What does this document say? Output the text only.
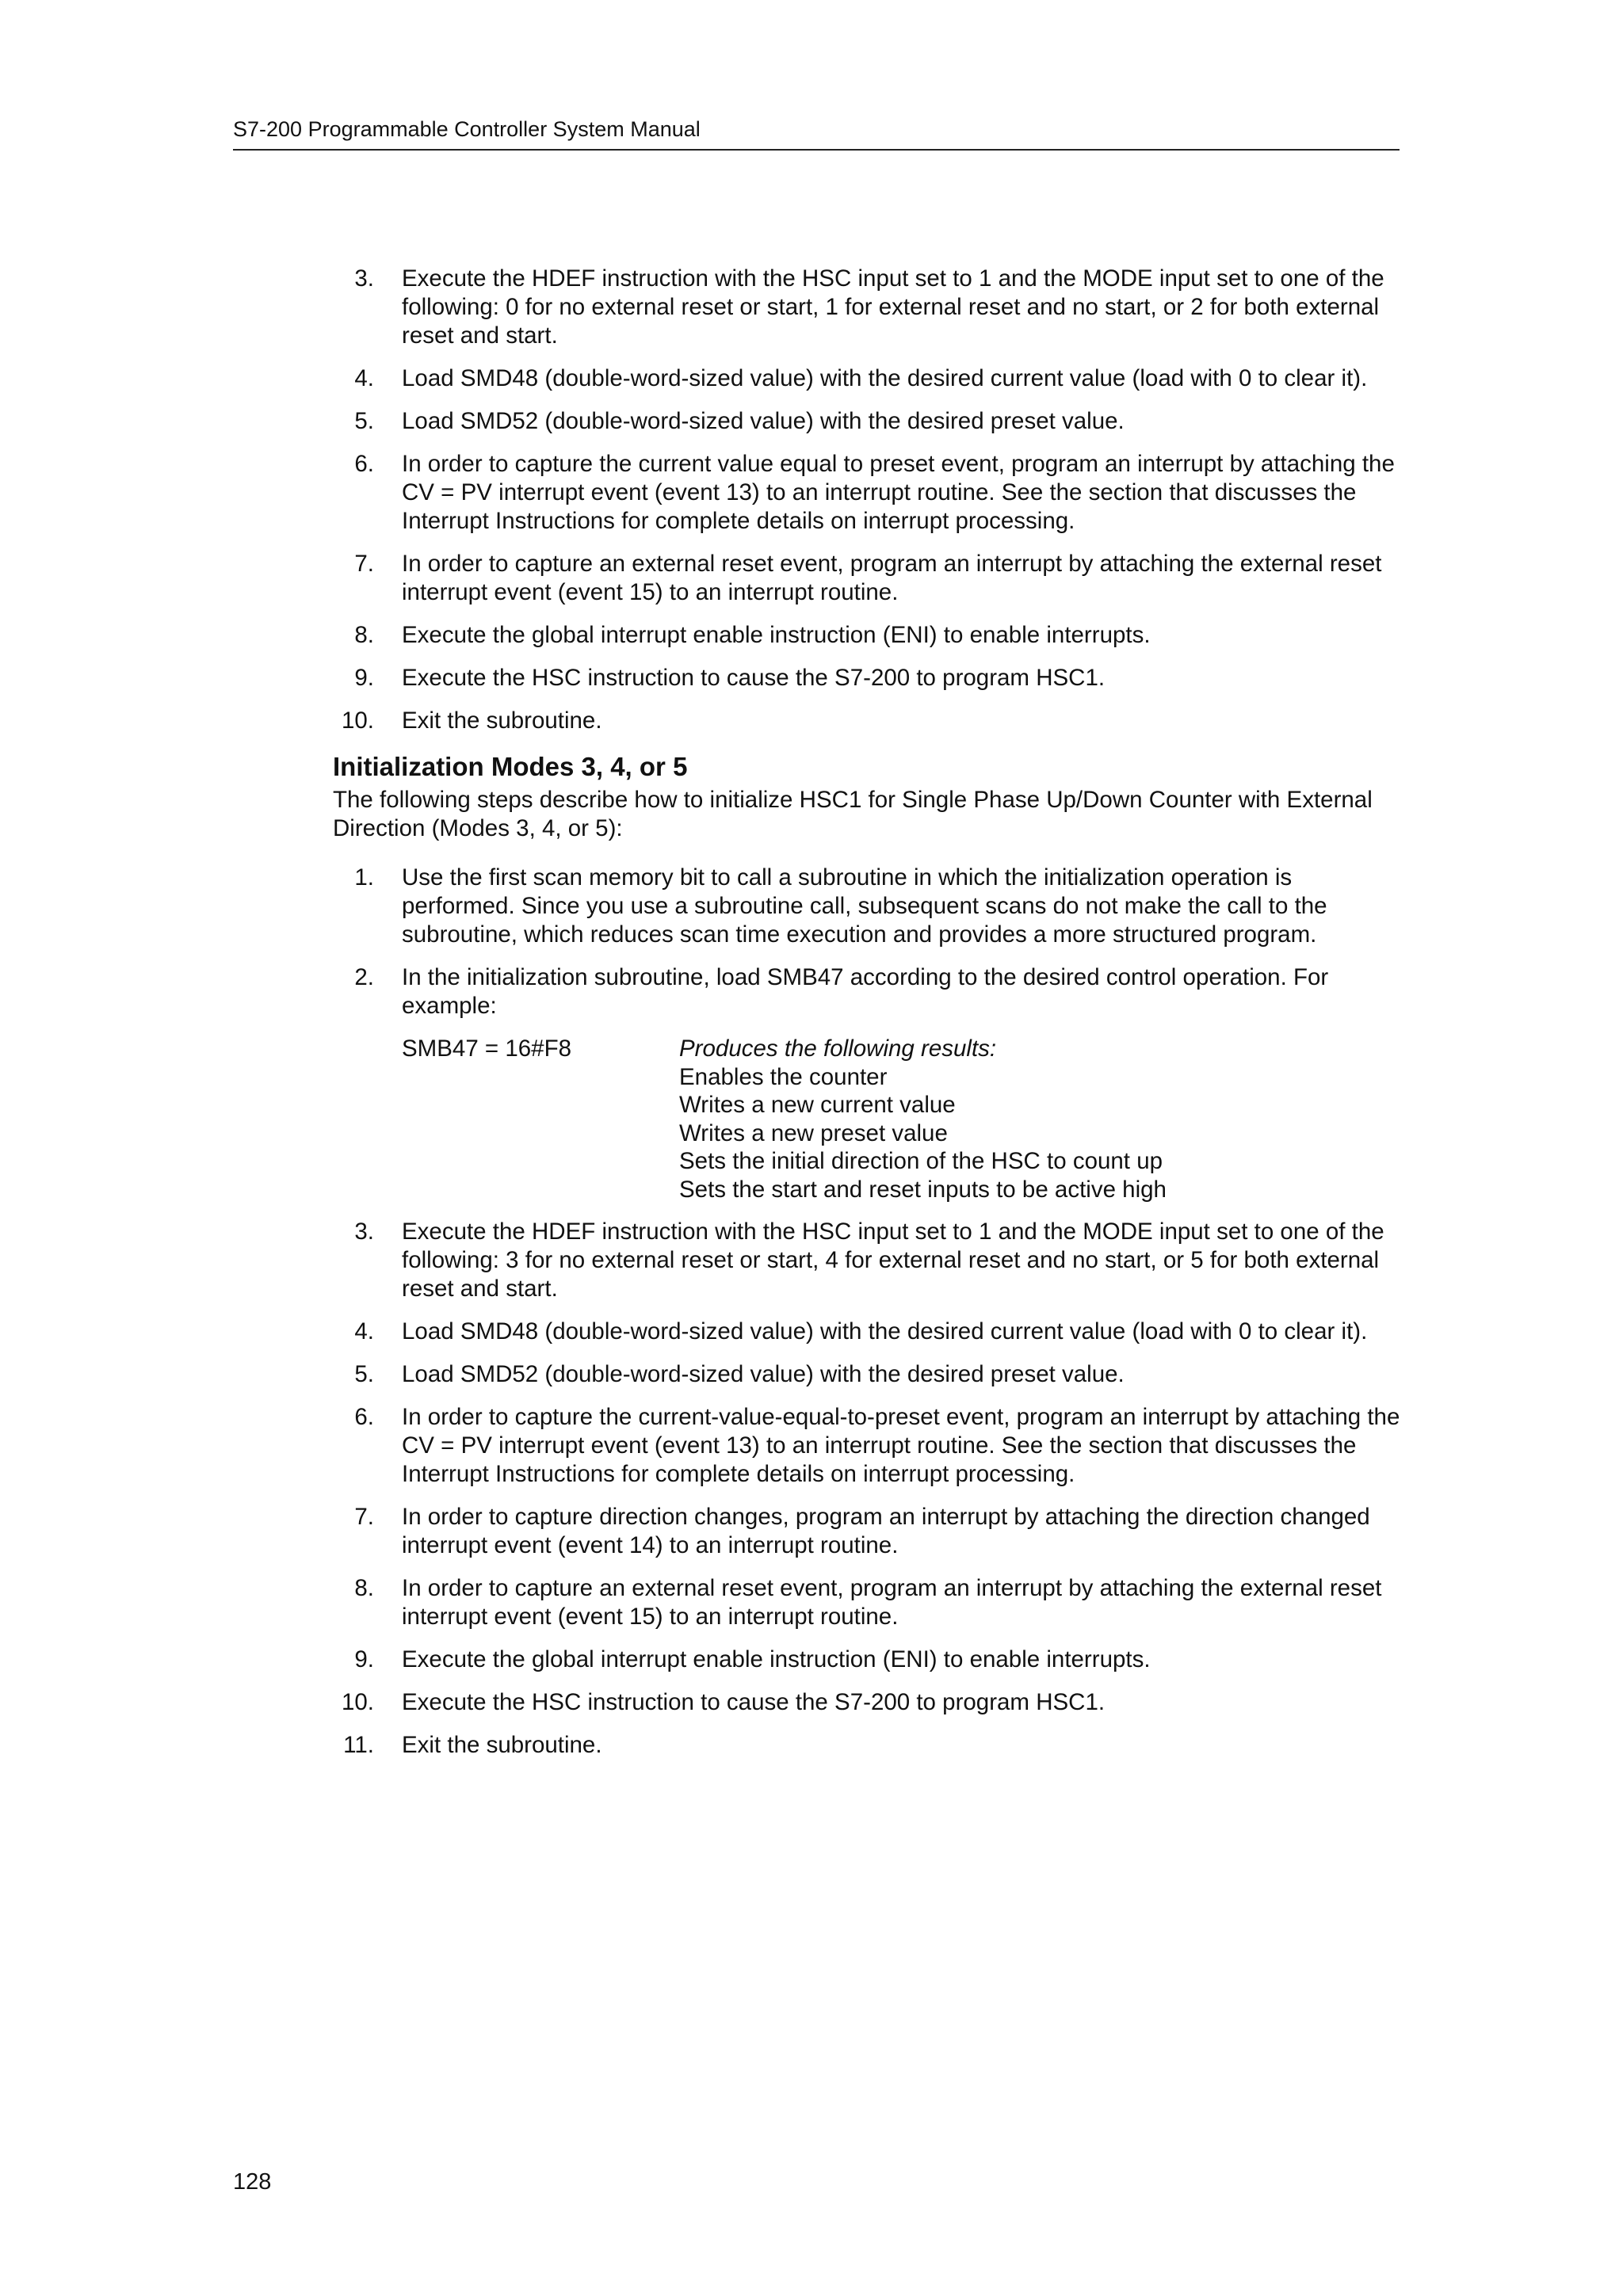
S7-200 Programmable Controller System Manual
3. Execute the HDEF instruction with the HSC input set to 1 and the MODE input set to one of the following: 0 for no external reset or start, 1 for external reset and no start, or 2 for both external reset and start.
4. Load SMD48 (double-word-sized value) with the desired current value (load with 0 to clear it).
5. Load SMD52 (double-word-sized value) with the desired preset value.
6. In order to capture the current value equal to preset event, program an interrupt by attaching the CV = PV interrupt event (event 13) to an interrupt routine. See the section that discusses the Interrupt Instructions for complete details on interrupt processing.
7. In order to capture an external reset event, program an interrupt by attaching the external reset interrupt event (event 15) to an interrupt routine.
8. Execute the global interrupt enable instruction (ENI) to enable interrupts.
9. Execute the HSC instruction to cause the S7-200 to program HSC1.
10. Exit the subroutine.
Initialization Modes 3, 4, or 5

The following steps describe how to initialize HSC1 for Single Phase Up/Down Counter with External Direction (Modes 3, 4, or 5):

1. Use the first scan memory bit to call a subroutine in which the initialization operation is performed. Since you use a subroutine call, subsequent scans do not make the call to the subroutine, which reduces scan time execution and provides a more structured program.
2. In the initialization subroutine, load SMB47 according to the desired control operation. For example:
SMB47 = 16#F8	Produces the following results:
Enables the counter
Writes a new current value
Writes a new preset value
Sets the initial direction of the HSC to count up
Sets the start and reset inputs to be active high
3. Execute the HDEF instruction with the HSC input set to 1 and the MODE input set to one of the following: 3 for no external reset or start, 4 for external reset and no start, or 5 for both external reset and start.
4. Load SMD48 (double-word-sized value) with the desired current value (load with 0 to clear it).
5. Load SMD52 (double-word-sized value) with the desired preset value.
6. In order to capture the current-value-equal-to-preset event, program an interrupt by attaching the CV = PV interrupt event (event 13) to an interrupt routine. See the section that discusses the Interrupt Instructions for complete details on interrupt processing.
7. In order to capture direction changes, program an interrupt by attaching the direction changed interrupt event (event 14) to an interrupt routine.
8. In order to capture an external reset event, program an interrupt by attaching the external reset interrupt event (event 15) to an interrupt routine.
9. Execute the global interrupt enable instruction (ENI) to enable interrupts.
10. Execute the HSC instruction to cause the S7-200 to program HSC1.
11. Exit the subroutine.
128
